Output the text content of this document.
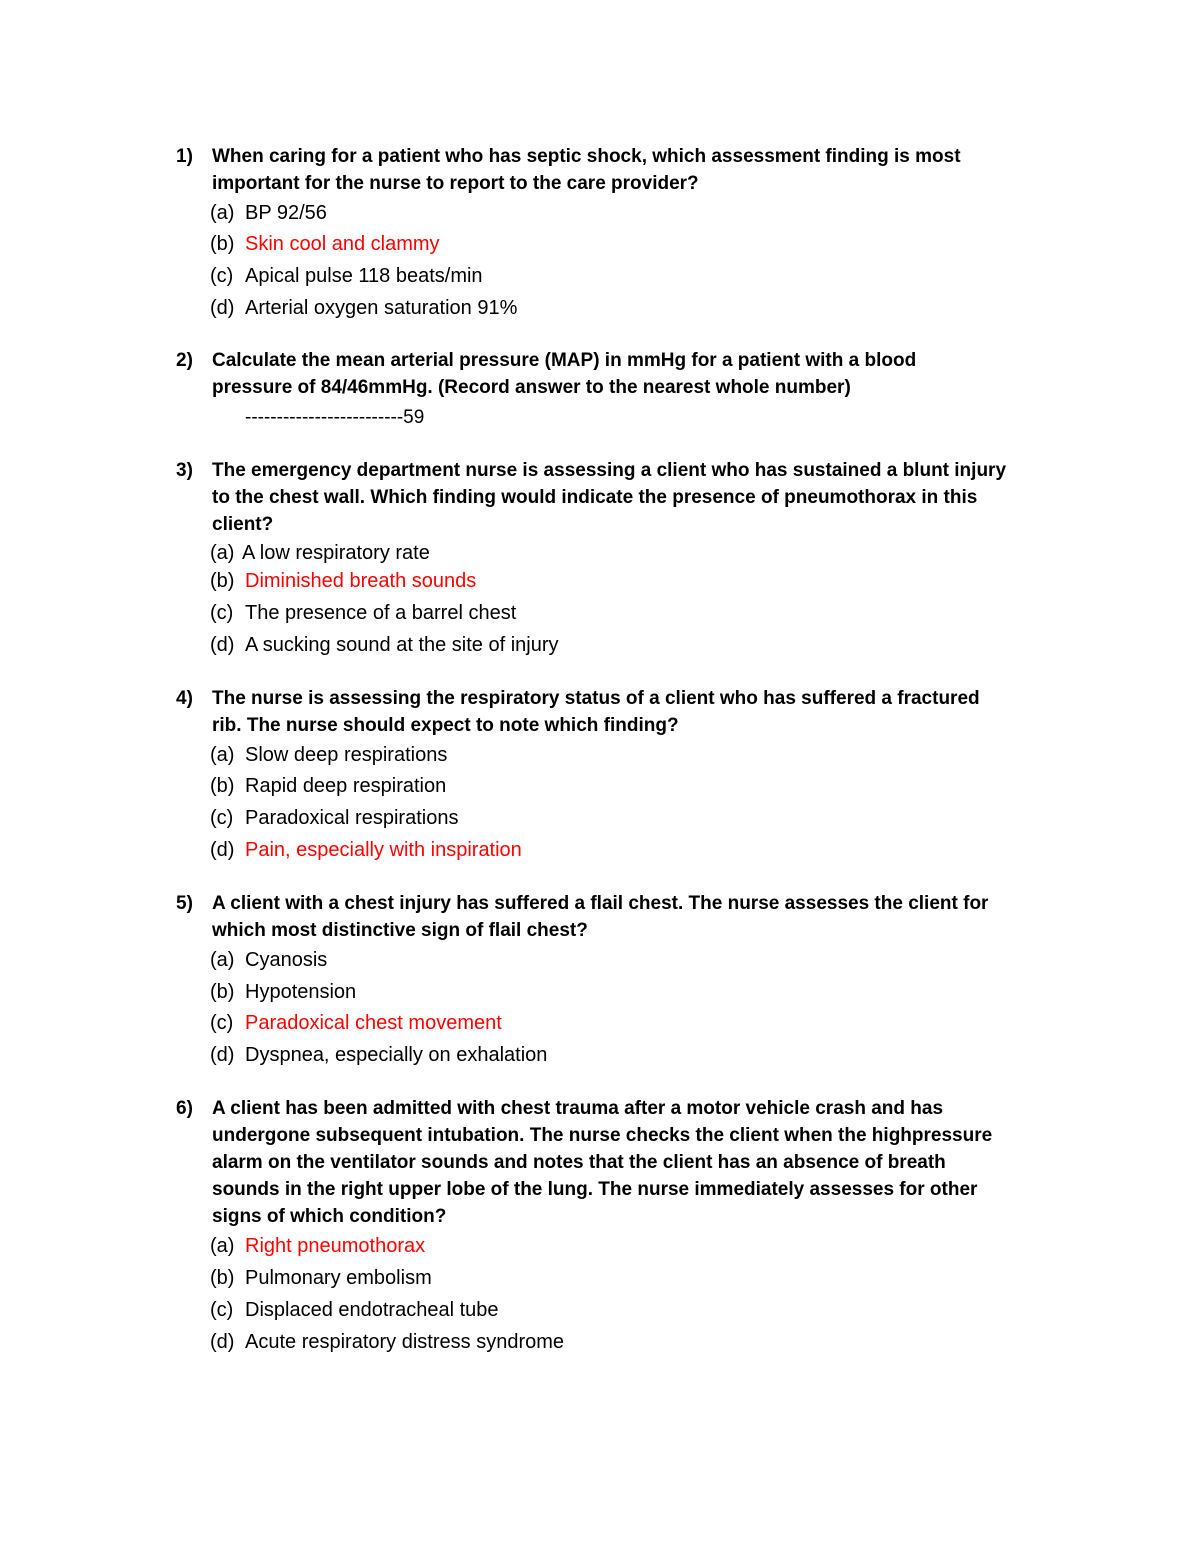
1) When caring for a patient who has septic shock, which assessment finding is most
important for the nurse to report to the care provider?
(a) BP 92/56
(b) Skin cool and clammy
(c) Apical pulse 118 beats/min
(d) Arterial oxygen saturation 91%
2) Calculate the mean arterial pressure (MAP) in mmHg for a patient with a blood
pressure of 84/46mmHg. (Record answer to the nearest whole number)
-------------------------59
3) The emergency department nurse is assessing a client who has sustained a blunt injury
to the chest wall. Which finding would indicate the presence of pneumothorax in this
client?
(a) A low respiratory rate
(b) Diminished breath sounds
(c) The presence of a barrel chest
(d) A sucking sound at the site of injury
4) The nurse is assessing the respiratory status of a client who has suffered a fractured
rib. The nurse should expect to note which finding?
(a) Slow deep respirations
(b) Rapid deep respiration
(c) Paradoxical respirations
(d) Pain, especially with inspiration
5) A client with a chest injury has suffered a flail chest. The nurse assesses the client for
which most distinctive sign of flail chest?
(a) Cyanosis
(b) Hypotension
(c) Paradoxical chest movement
(d) Dyspnea, especially on exhalation
6) A client has been admitted with chest trauma after a motor vehicle crash and has
undergone subsequent intubation. The nurse checks the client when the highpressure
alarm on the ventilator sounds and notes that the client has an absence of breath
sounds in the right upper lobe of the lung. The nurse immediately assesses for other
signs of which condition?
(a) Right pneumothorax
(b) Pulmonary embolism
(c) Displaced endotracheal tube
(d) Acute respiratory distress syndrome
